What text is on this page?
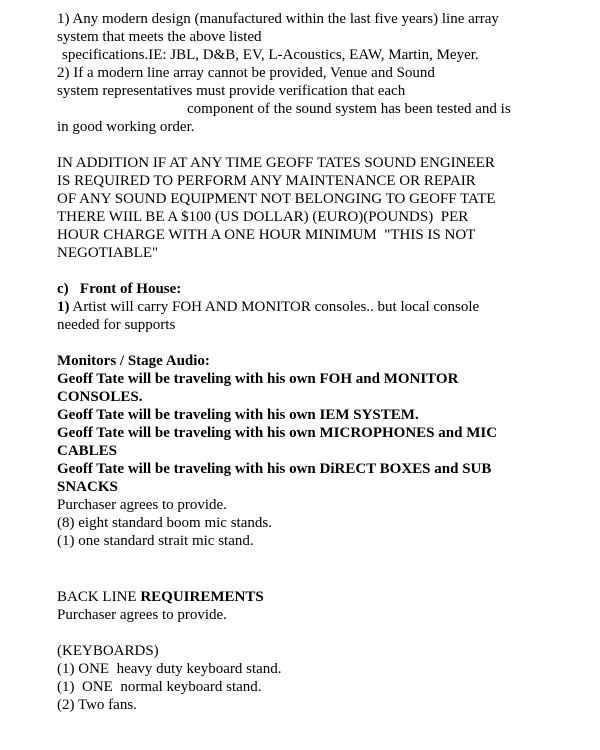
1) Any modern design (manufactured within the last five years) line array
system that meets the above listed
specifications.IE: JBL, D&B, EV, L-Acoustics, EAW, Martin, Meyer.
2) If a modern line array cannot be provided, Venue and Sound
system representatives must provide verification that each
component of the sound system has been tested and is
in good working order.
IN ADDITION IF AT ANY TIME GEOFF TATES SOUND ENGINEER
IS REQUIRED TO PERFORM ANY MAINTENANCE OR REPAIR
OF ANY SOUND EQUIPMENT NOT BELONGING TO GEOFF TATE
THERE WIIL BE A $100 (US DOLLAR) (EURO)(POUNDS)  PER
HOUR CHARGE WITH A ONE HOUR MINIMUM  "THIS IS NOT
NEGOTIABLE"
c)   Front of House:
1) Artist will carry FOH AND MONITOR consoles.. but local console
needed for supports
Monitors / Stage Audio:
Geoff Tate will be traveling with his own FOH and MONITOR
CONSOLES.
Geoff Tate will be traveling with his own IEM SYSTEM.
Geoff Tate will be traveling with his own MICROPHONES and MIC
CABLES
Geoff Tate will be traveling with his own DiRECT BOXES and SUB
SNACKS
Purchaser agrees to provide.
(8) eight standard boom mic stands.
(1) one standard strait mic stand.
BACK LINE REQUIREMENTS
Purchaser agrees to provide.
(KEYBOARDS)
(1) ONE  heavy duty keyboard stand.
(1)  ONE  normal keyboard stand.
(2) Two fans.
